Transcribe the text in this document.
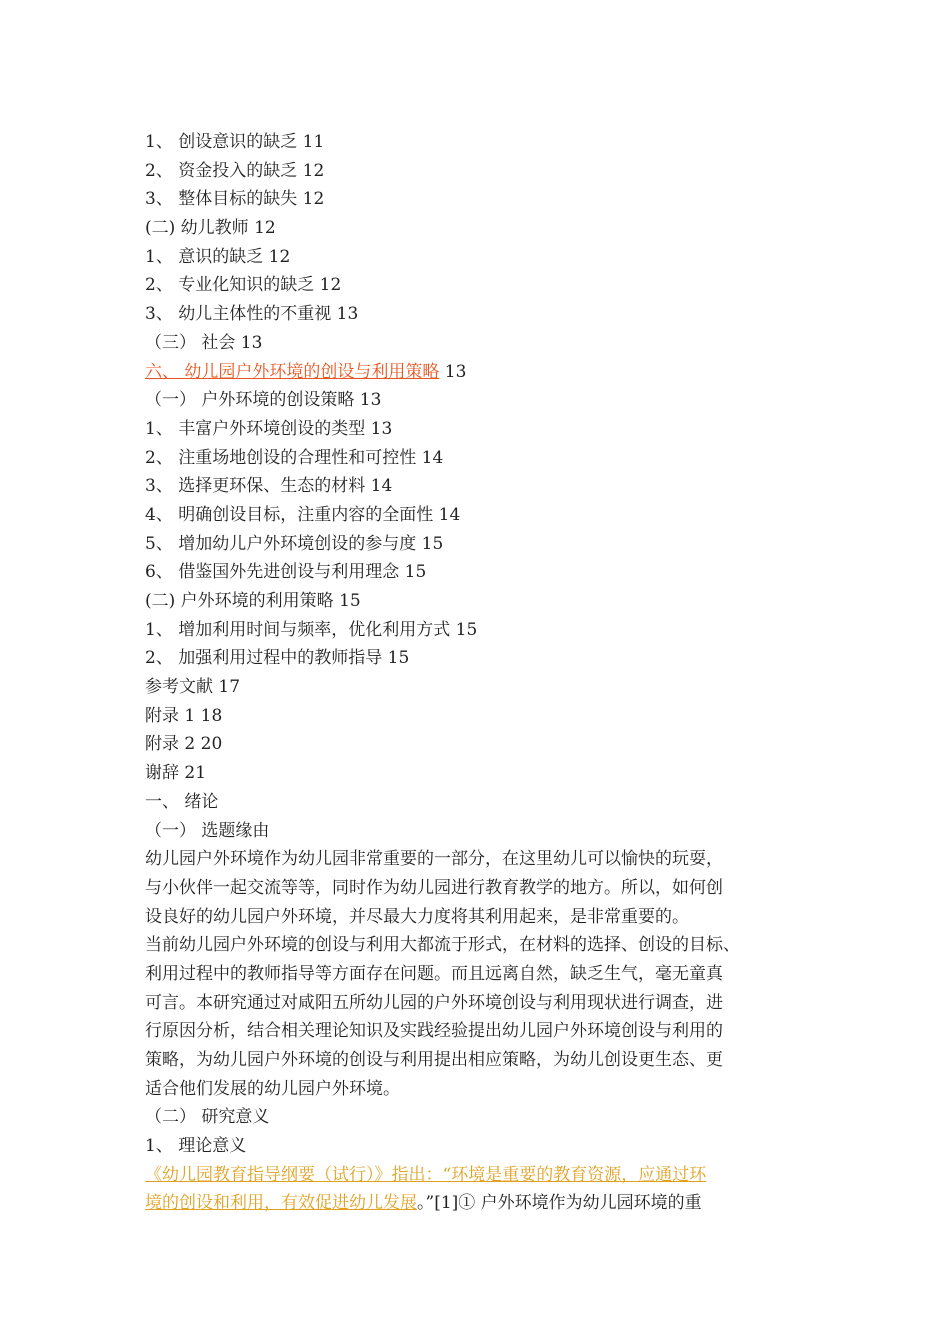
1、 创设意识的缺乏 11
2、 资金投入的缺乏 12
3、 整体目标的缺失 12
(二) 幼儿教师 12
1、 意识的缺乏 12
2、 专业化知识的缺乏 12
3、 幼儿主体性的不重视 13
（三） 社会 13
六、 幼儿园户外环境的创设与利用策略 13
（一） 户外环境的创设策略 13
1、 丰富户外环境创设的类型 13
2、 注重场地创设的合理性和可控性 14
3、 选择更环保、生态的材料 14
4、 明确创设目标，注重内容的全面性 14
5、 增加幼儿户外环境创设的参与度 15
6、 借鉴国外先进创设与利用理念 15
(二) 户外环境的利用策略 15
1、 增加利用时间与频率，优化利用方式 15
2、 加强利用过程中的教师指导 15
参考文献 17
附录 1 18
附录 2 20
谢辞 21
一、 绪论
（一） 选题缘由
幼儿园户外环境作为幼儿园非常重要的一部分，在这里幼儿可以愉快的玩耍，
与小伙伴一起交流等等，同时作为幼儿园进行教育教学的地方。所以，如何创
设良好的幼儿园户外环境，并尽最大力度将其利用起来，是非常重要的。
当前幼儿园户外环境的创设与利用大都流于形式，在材料的选择、创设的目标、
利用过程中的教师指导等方面存在问题。而且远离自然，缺乏生气，毫无童真
可言。本研究通过对咸阳五所幼儿园的户外环境创设与利用现状进行调查，进
行原因分析，结合相关理论知识及实践经验提出幼儿园户外环境创设与利用的
策略，为幼儿园户外环境的创设与利用提出相应策略，为幼儿创设更生态、更
适合他们发展的幼儿园户外环境。
（二） 研究意义
1、 理论意义
《幼儿园教育指导纲要（试行）》指出：“环境是重要的教育资源，应通过环
境的创设和利用，有效促进幼儿发展。”[1]① 户外环境作为幼儿园环境的重
